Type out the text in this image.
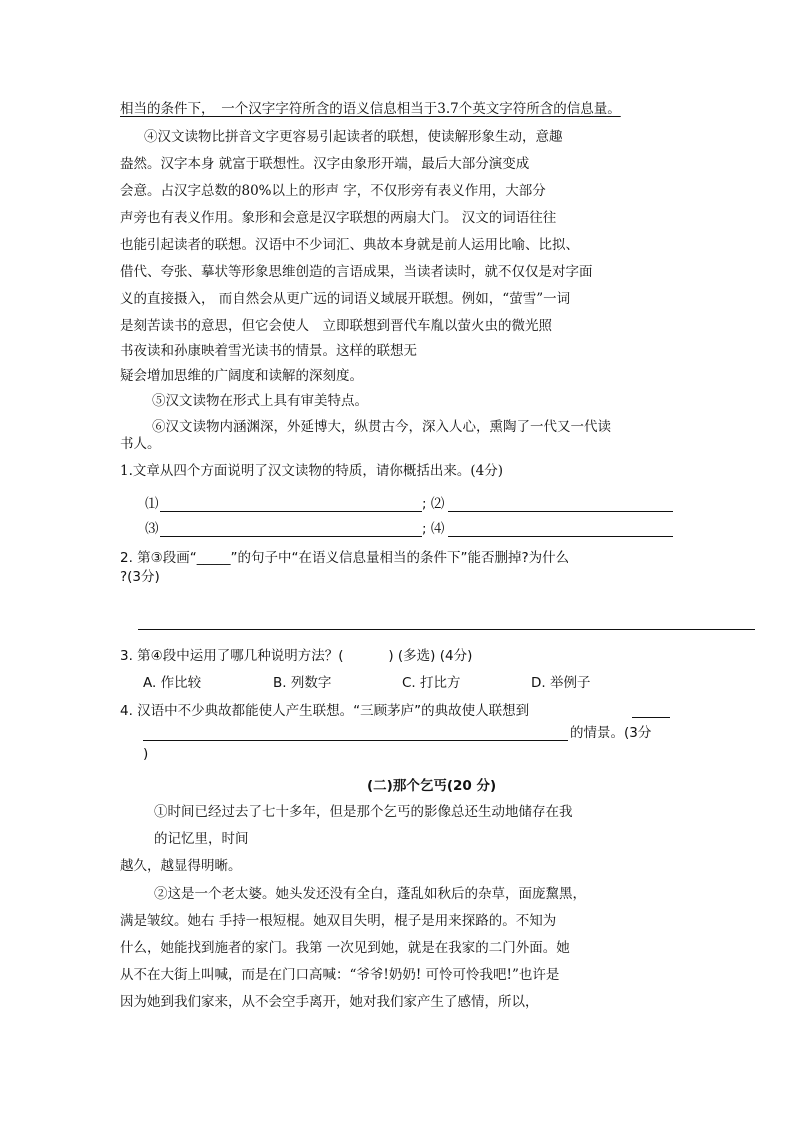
相当的条件下，　一个汉字字符所含的语义信息相当于3.7个英文字符所含的信息量。
④汉文读物比拼音文字更容易引起读者的联想，使读解形象生动，意趣
盎然。汉字本身 就富于联想性。汉字由象形开端，最后大部分演变成
会意。占汉字总数的80%以上的形声 字，不仅形旁有表义作用，大部分
声旁也有表义作用。象形和会意是汉字联想的两扇大门。 汉文的词语往往
也能引起读者的联想。汉语中不少词汇、典故本身就是前人运用比喻、比拟、
借代、夸张、摹状等形象思维创造的言语成果，当读者读时，就不仅仅是对字面
义的直接摄入， 而自然会从更广远的词语义域展开联想。例如，“萤雪”一词
是刻苦读书的意思，但它会使人　立即联想到晋代车胤以萤火虫的微光照
书夜读和孙康映着雪光读书的情景。这样的联想无
疑会增加思维的广阔度和读解的深刻度。
⑤汉文读物在形式上具有审美特点。
⑥汉文读物内涵渊深，外延博大，纵贯古今，深入人心，熏陶了一代又一代读
书人。
1.文章从四个方面说明了汉文读物的特质，请你概括出来。(4分)
⑴	; ⑵
⑶	; ⑷
2. 第③段画“_____”的句子中“在语义信息量相当的条件下”能否删掉?为什么
?(3分)
3. 第④段中运用了哪几种说明方法？(　　　 ) (多选) (4分)
A. 作比较	B. 列数字	C. 打比方	D. 举例子
4. 汉语中不少典故都能使人产生联想。“三顾茅庐”的典故使人联想到
的情景。(3分
)
(二)那个乞丐(20 分)
①时间已经过去了七十多年，但是那个乞丐的影像总还生动地储存在我
的记忆里，时间
越久，越显得明晰。
②这是一个老太婆。她头发还没有全白，蓬乱如秋后的杂草，面庞黧黑，
满是皱纹。她右 手持一根短棍。她双目失明，棍子是用来探路的。不知为
什么，她能找到施者的家门。我第 一次见到她，就是在我家的二门外面。她
从不在大街上叫喊，而是在门口高喊：“爷爷!奶奶! 可怜可怜我吧!”也许是
因为她到我们家来，从不会空手离开，她对我们家产生了感情，所以，
